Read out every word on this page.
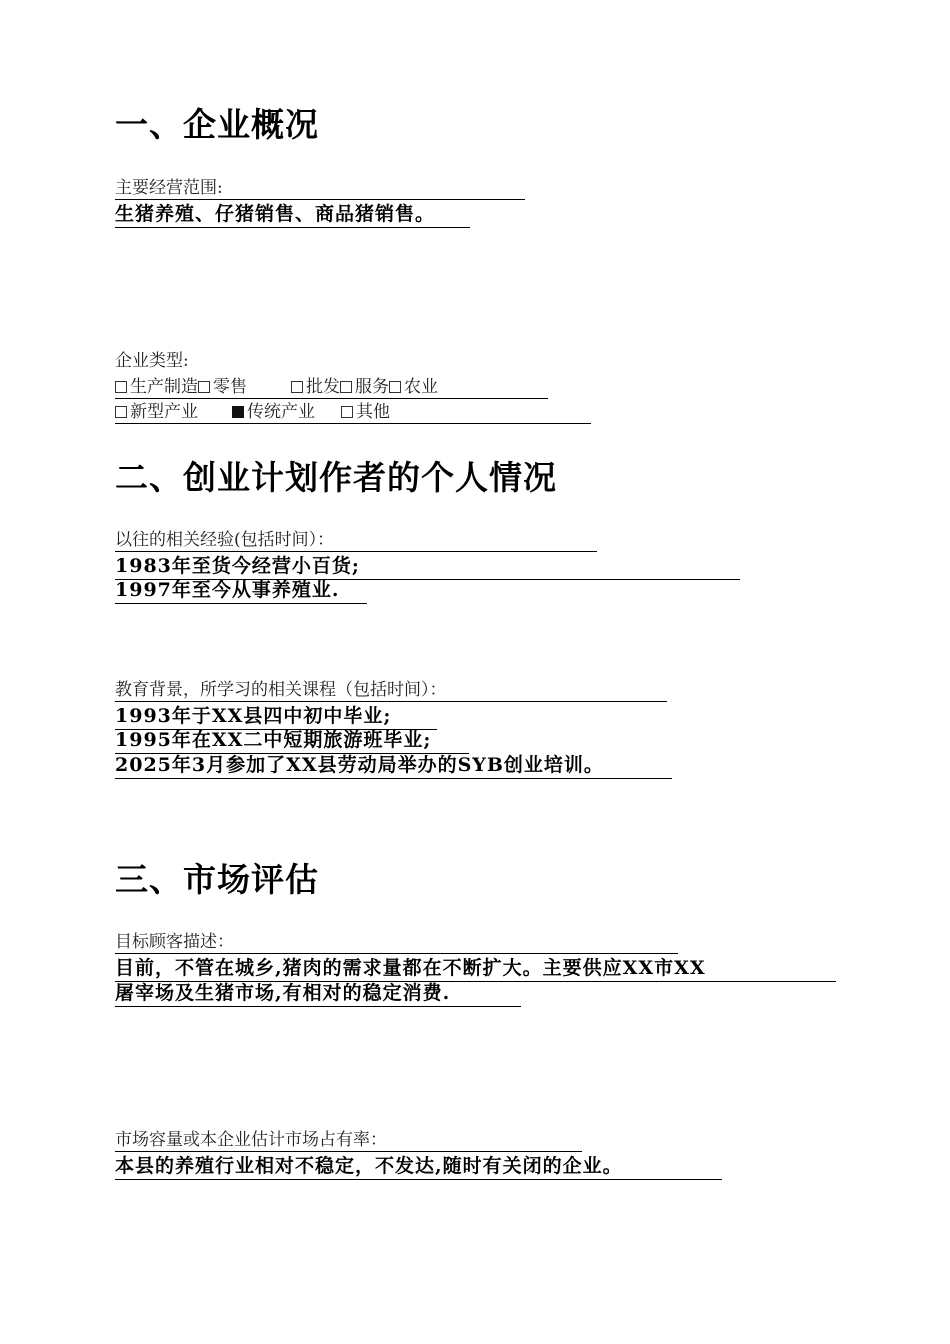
一、企业概况
主要经营范围:
生猪养殖、仔猪销售、商品猪销售。
企业类型:
生产制造 零售	批发 服务 农业
新型产业	传统产业 其他
二、创业计划作者的个人情况
以往的相关经验(包括时间）：
1983年至货今经营小百货;
1997年至今从事养殖业.
教育背景，所学习的相关课程（包括时间）：
1993年于XX县四中初中毕业;
1995年在XX二中短期旅游班毕业;
2025年3月参加了XX县劳动局举办的SYB创业培训。
三、市场评估
目标顾客描述：
目前，不管在城乡,猪肉的需求量都在不断扩大。主要供应XX市XX
屠宰场及生猪市场,有相对的稳定消费.
市场容量或本企业估计市场占有率：
本县的养殖行业相对不稳定，不发达,随时有关闭的企业。
